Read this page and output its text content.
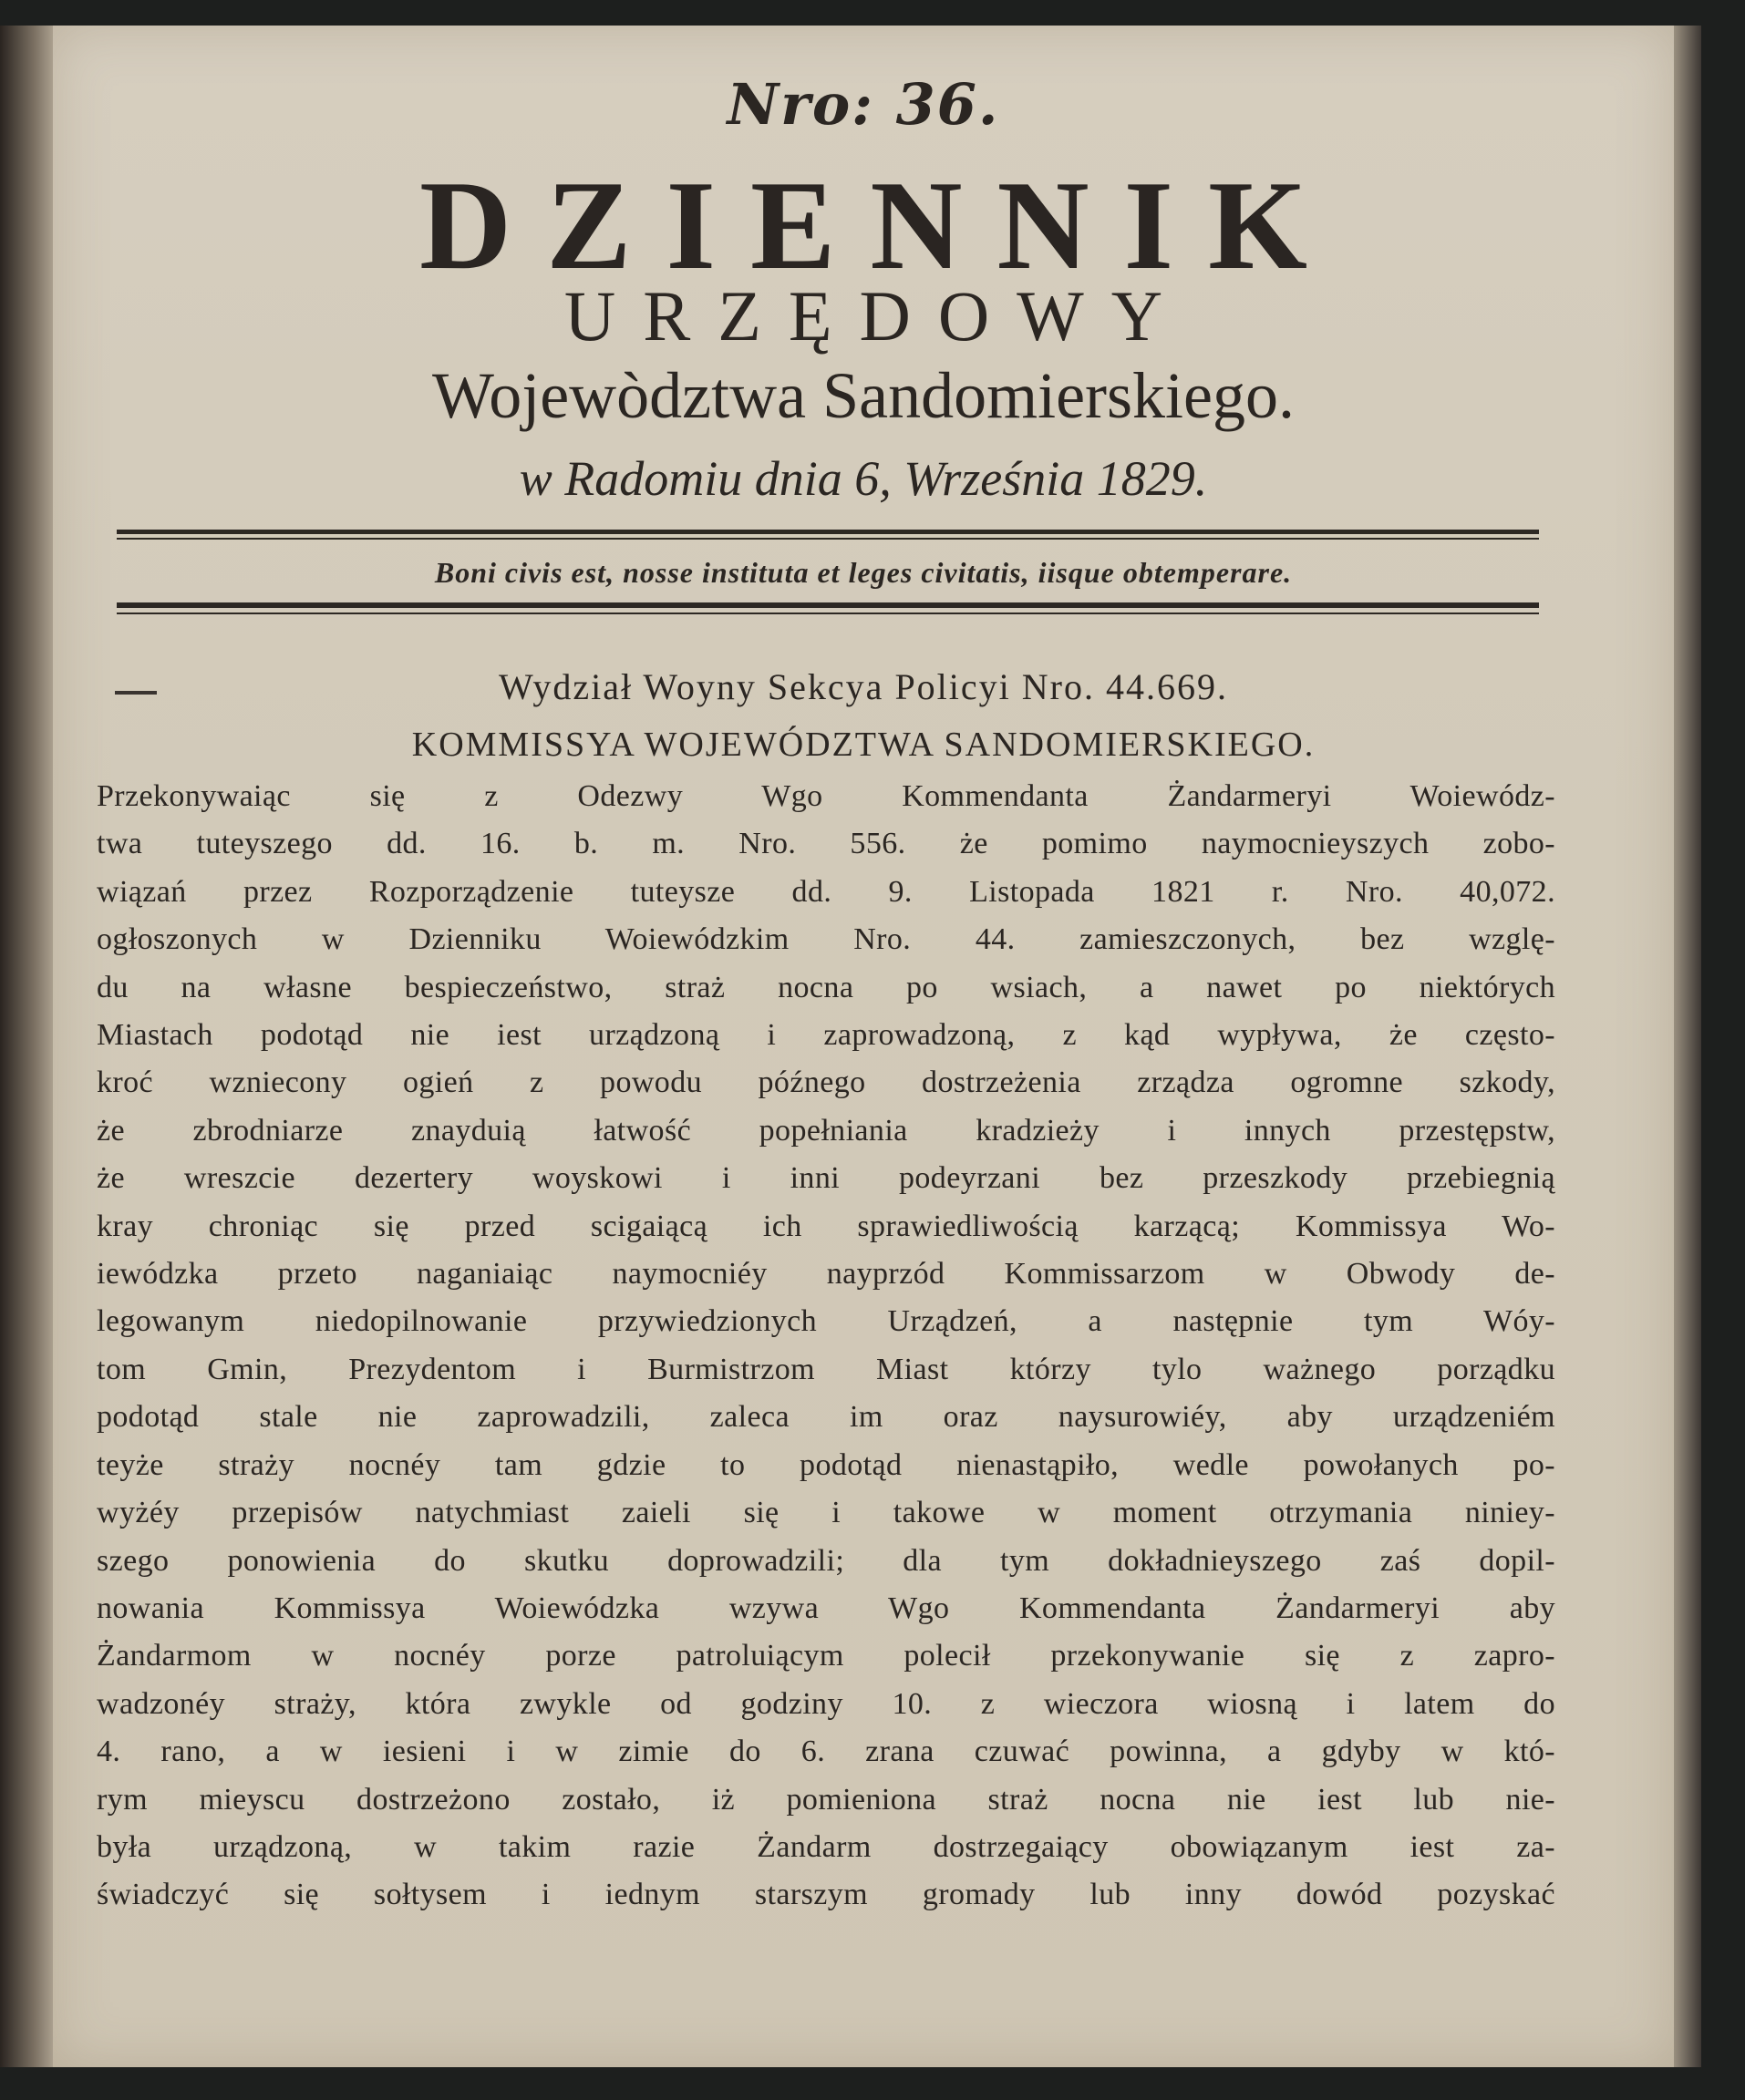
Nro: 36.
DZIENNIK
URZĘDOWY
Wojewòdztwa Sandomierskiego.
w Radomiu dnia 6, Września 1829.
Boni civis est, nosse instituta et leges civitatis, iisque obtemperare.
Wydział Woyny Sekcya Policyi Nro. 44.669.
KOMMISSYA WOJEWÓDZTWA SANDOMIERSKIEGO.
Przekonywaiąc się z Odezwy Wgo Kommendanta Żandarmeryi Woiewódz-
twa tuteyszego dd. 16. b. m. Nro. 556. że pomimo naymocnieyszych zobo-
wiązań przez Rozporządzenie tuteysze dd. 9. Listopada 1821 r. Nro. 40,072.
ogłoszonych w Dzienniku Woiewódzkim Nro. 44. zamieszczonych, bez wzglę-
du na własne bespieczeństwo, straż nocna po wsiach, a nawet po niektórych
Miastach podotąd nie iest urządzoną i zaprowadzoną, z kąd wypływa, że często-
kroć wzniecony ogień z powodu późnego dostrzeżenia zrządza ogromne szkody,
że zbrodniarze znayduią łatwość popełniania kradzieży i innych przestępstw,
że wreszcie dezertery woyskowi i inni podeyrzani bez przeszkody przebiegnią
kray chroniąc się przed scigaiącą ich sprawiedliwością karzącą; Kommissya Wo-
iewódzka przeto naganiaiąc naymocniéy nayprzód Kommissarzom w Obwody de-
legowanym niedopilnowanie przywiedzionych Urządzeń, a następnie tym Wóy-
tom Gmin, Prezydentom i Burmistrzom Miast którzy tylo ważnego porządku
podotąd stale nie zaprowadzili, zaleca im oraz naysurowiéy, aby urządzeniém
teyże straży nocnéy tam gdzie to podotąd nienastąpiło, wedle powołanych po-
wyżéy przepisów natychmiast zaieli się i takowe w moment otrzymania niniey-
szego ponowienia do skutku doprowadzili; dla tym dokładnieyszego zaś dopil-
nowania Kommissya Woiewódzka wzywa Wgo Kommendanta Żandarmeryi aby
Żandarmom w nocnéy porze patroluiącym polecił przekonywanie się z zapro-
wadzonéy straży, która zwykle od godziny 10. z wieczora wiosną i latem do
4. rano, a w iesieni i w zimie do 6. zrana czuwać powinna, a gdyby w któ-
rym mieyscu dostrzeżono zostało, iż pomieniona straż nocna nie iest lub nie-
była urządzoną, w takim razie Żandarm dostrzegaiący obowiązanym iest za-
świadczyć się sołtysem i iednym starszym gromady lub inny dowód pozyskać
